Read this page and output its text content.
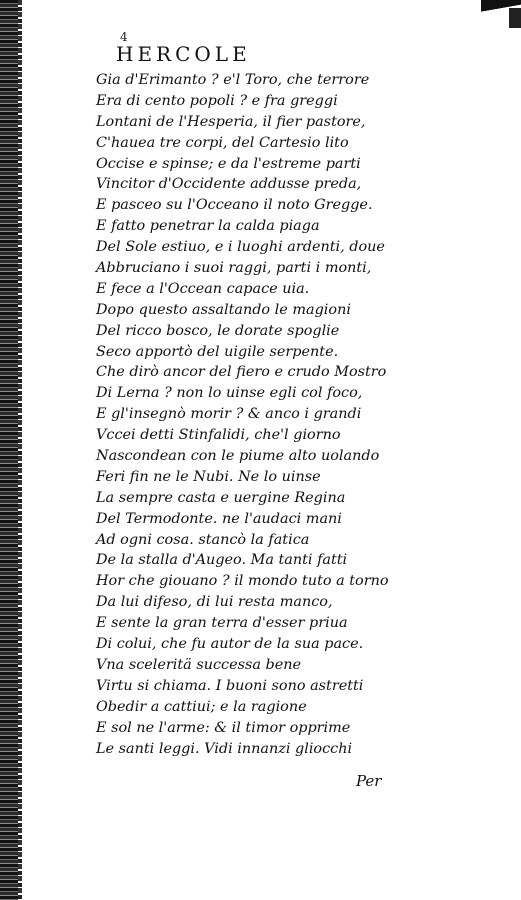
4
HERCOLE
Gia d'Erimanto ? e'l Toro, che terrore
Era di cento popoli ? e fra greggi
Lontani de l'Hesperia, il fier pastore,
C'hauea tre corpi, del Cartesio lito
Occise e spinse; e da l'estreme parti
Vincitor d'Occidente addusse preda,
E pasceo su l'Occeano il noto Gregge.
E fatto penetrar la calda piaga
Del Sole estiuo, e i luoghi ardenti, doue
Abbruciano i suoi raggi, parti i monti,
E fece a l'Occean capace uia.
Dopo questo assaltando le magioni
Del ricco bosco, le dorate spoglie
Seco apportò del uigile serpente.
Che dirò ancor del fiero e crudo Mostro
Di Lerna ? non lo uinse egli col foco,
E gl'insegnò morir ? & anco i grandi
Vccei detti Stinfalidi, che'l giorno
Nascondean con le piume alto uolando
Feri fin ne le Nubi. Ne lo uinse
La sempre casta e uergine Regina
Del Termodonte. ne l'audaci mani
Ad ogni cosa. stancò la fatica
De la stalla d'Augeo. Ma tanti fatti
Hor che giouano ? il mondo tuto a torno
Da lui difeso, di lui resta manco,
E sente la gran terra d'esser priua
Di colui, che fu autor de la sua pace.
Vna sceleritä successa bene
Virtu si chiama. I buoni sono astretti
Obedir a cattiui; e la ragione
E sol ne l'arme: & il timor opprime
Le santi leggi. Vidi innanzi gliocchi
Per
